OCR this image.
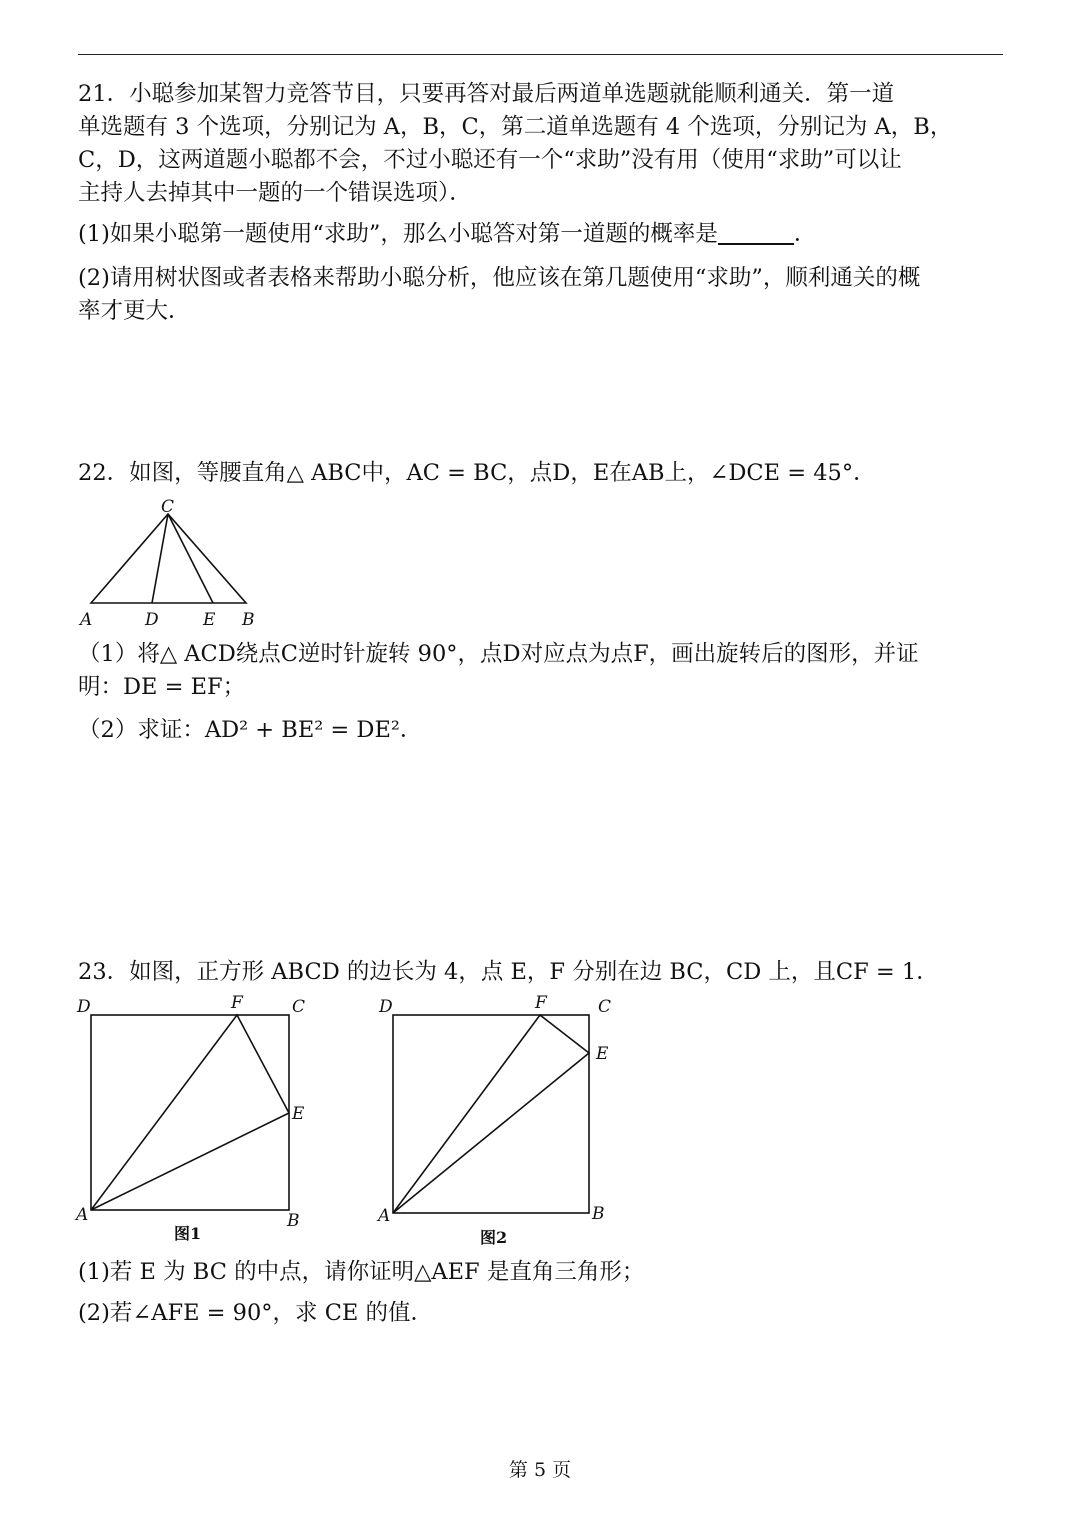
21．小聪参加某智力竞答节目，只要再答对最后两道单选题就能顺利通关．第一道
单选题有 3 个选项，分别记为 A，B，C，第二道单选题有 4 个选项，分别记为 A，B，
C，D，这两道题小聪都不会，不过小聪还有一个“求助”没有用（使用“求助”可以让
主持人去掉其中一题的一个错误选项）．
(1)如果小聪第一题使用“求助”，那么小聪答对第一道题的概率是	．
(2)请用树状图或者表格来帮助小聪分析，他应该在第几题使用“求助”，顺利通关的概
率才更大．
22．如图，等腰直角△ ABC中，AC = BC，点D，E在AB上，∠DCE = 45°．
C
A	D	E B
（1）将△ ACD绕点C逆时针旋转 90°，点D对应点为点F，画出旋转后的图形，并证
明：DE = EF；
（2）求证：AD² + BE² = DE²．
23．如图，正方形 ABCD 的边长为 4，点 E，F 分别在边 BC，CD 上，且CF = 1．
D	F	C
E
A	B
图1
D	F	C
E
A	B
图2
(1)若 E 为 BC 的中点，请你证明△AEF 是直角三角形；
(2)若∠AFE = 90°，求 CE 的值．
第 5 页
